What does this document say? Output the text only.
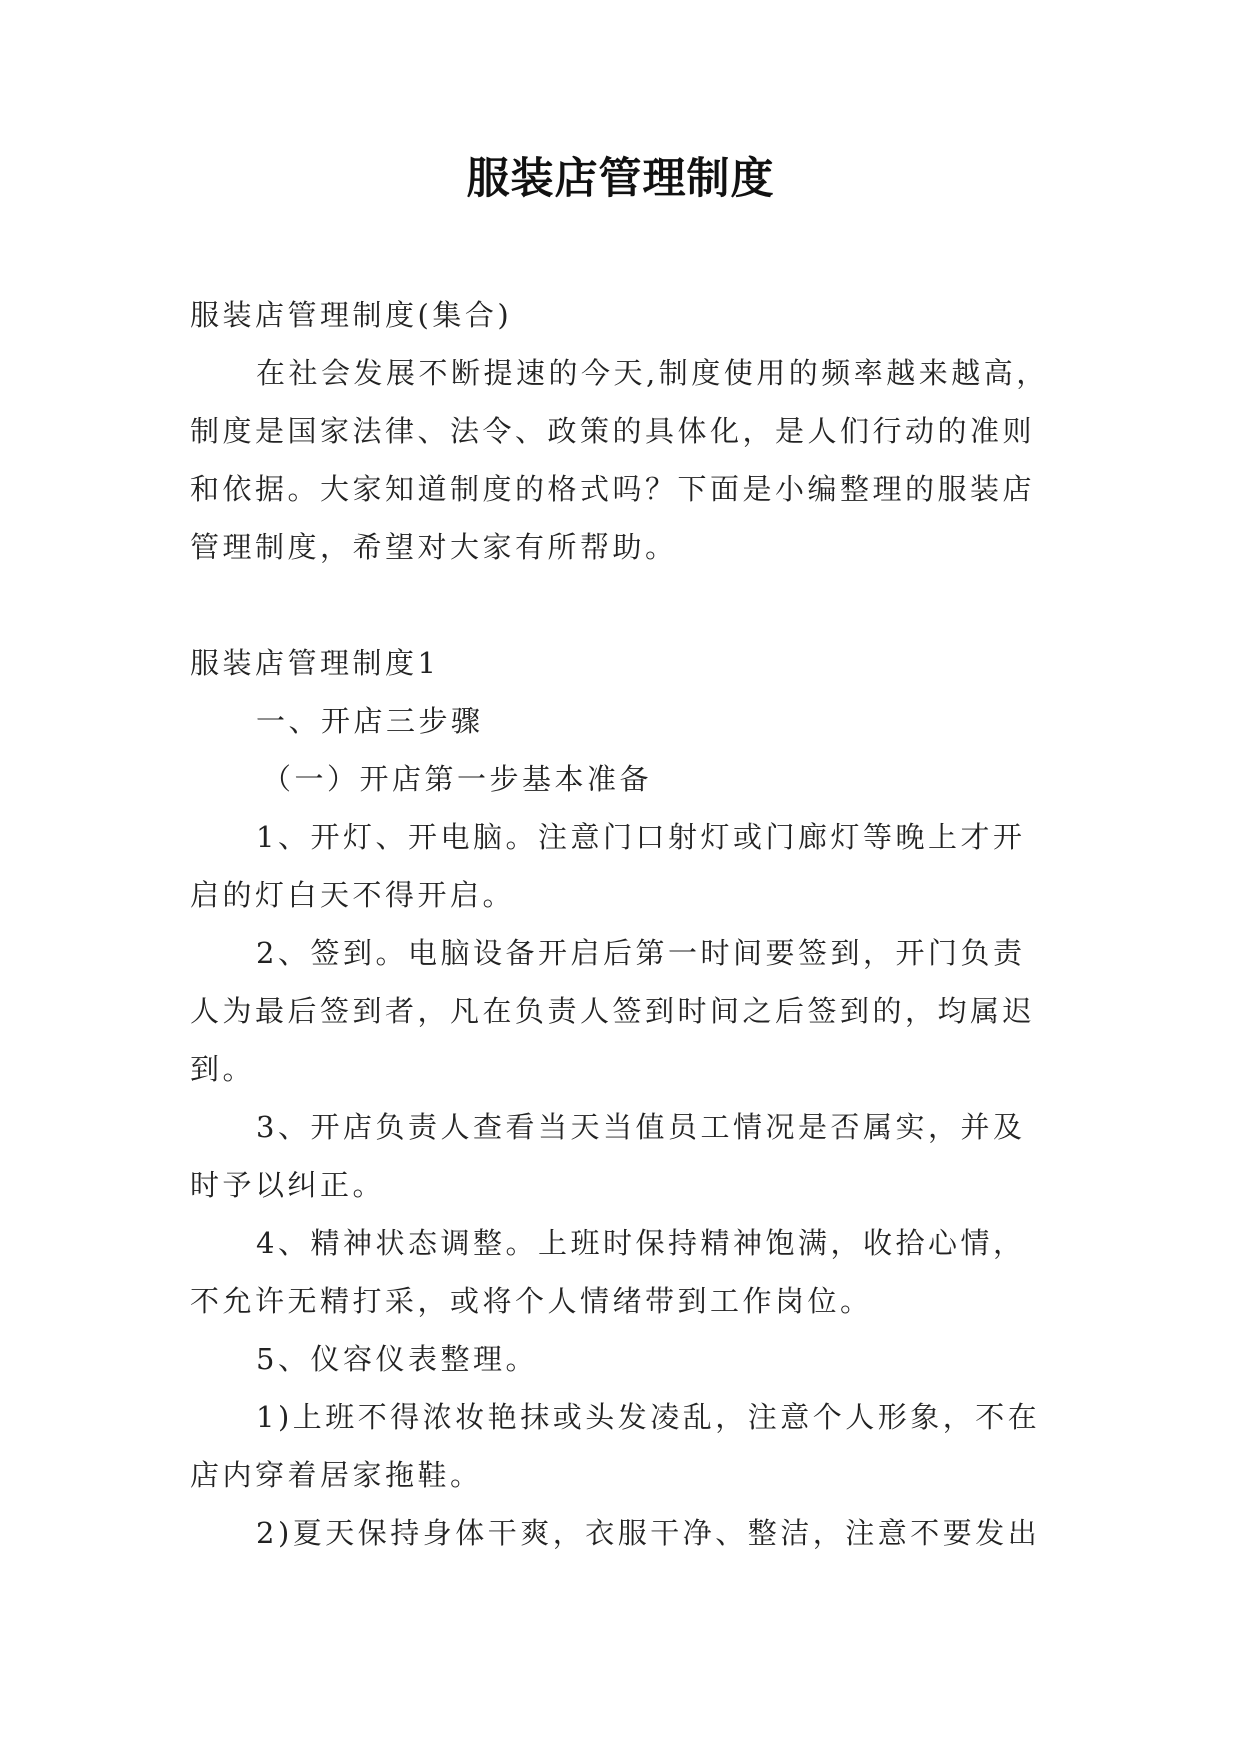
服装店管理制度

服装店管理制度(集合)

在社会发展不断提速的今天,制度使用的频率越来越高，制度是国家法律、法令、政策的具体化，是人们行动的准则和依据。大家知道制度的格式吗？下面是小编整理的服装店管理制度，希望对大家有所帮助。

服装店管理制度1

一、开店三步骤

（一）开店第一步基本准备

1、开灯、开电脑。注意门口射灯或门廊灯等晚上才开启的灯白天不得开启。

2、签到。电脑设备开启后第一时间要签到，开门负责人为最后签到者，凡在负责人签到时间之后签到的，均属迟到。

3、开店负责人查看当天当值员工情况是否属实，并及时予以纠正。

4、精神状态调整。上班时保持精神饱满，收拾心情，不允许无精打采，或将个人情绪带到工作岗位。

5、仪容仪表整理。

1)上班不得浓妆艳抹或头发凌乱，注意个人形象，不在店内穿着居家拖鞋。

2)夏天保持身体干爽，衣服干净、整洁，注意不要发出
